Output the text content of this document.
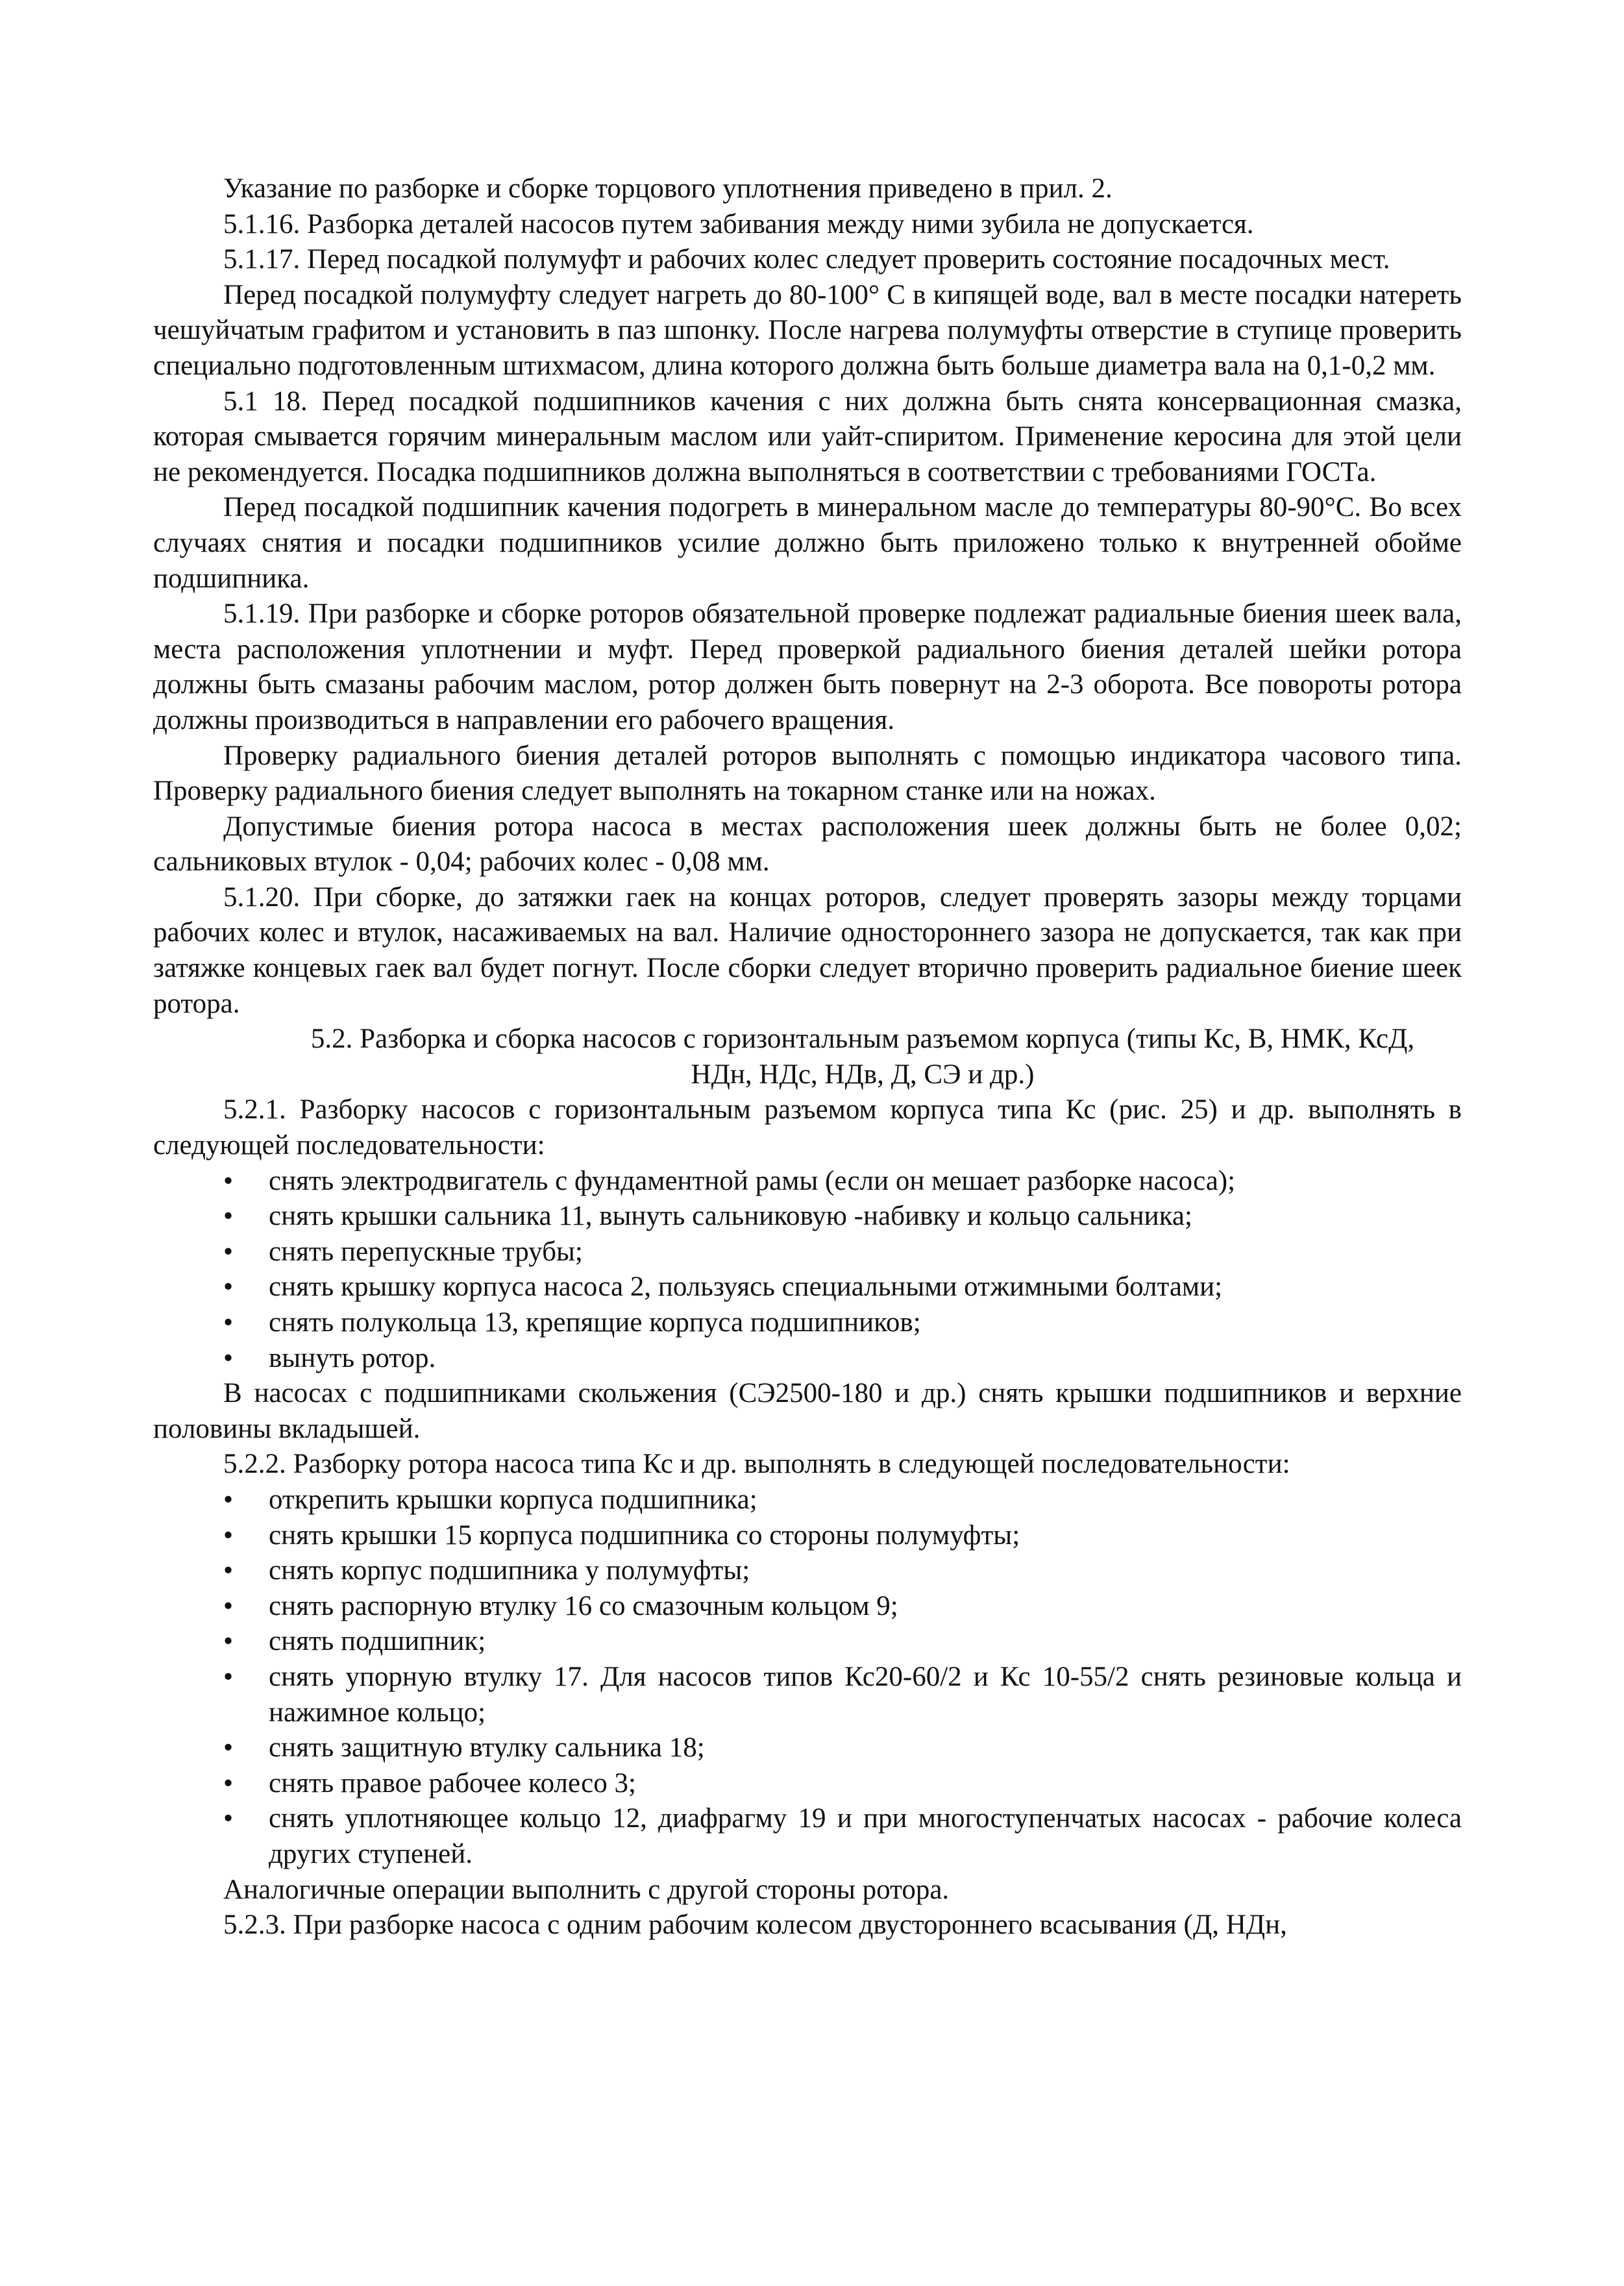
Указание по разборке и сборке торцового уплотнения приведено в прил. 2.

5.1.16. Разборка деталей насосов путем забивания между ними зубила не допускается.

5.1.17. Перед посадкой полумуфт и рабочих колес следует проверить состояние посадочных мест.

Перед посадкой полумуфту следует нагреть до 80-100° С в кипящей воде, вал в месте посадки натереть чешуйчатым графитом и установить в паз шпонку. После нагрева полумуфты отверстие в ступице проверить специально подготовленным штихмасом, длина которого должна быть больше диаметра вала на 0,1-0,2 мм.

5.1 18. Перед посадкой подшипников качения с них должна быть снята консервационная смазка, которая смывается горячим минеральным маслом или уайт-спиритом. Применение керосина для этой цели не рекомендуется. Посадка подшипников должна выполняться в соответствии с требованиями ГОСТа.

Перед посадкой подшипник качения подогреть в минеральном масле до температуры 80-90°С. Во всех случаях снятия и посадки подшипников усилие должно быть приложено только к внутренней обойме подшипника.

5.1.19. При разборке и сборке роторов обязательной проверке подлежат радиальные биения шеек вала, места расположения уплотнении и муфт. Перед проверкой радиального биения деталей шейки ротора должны быть смазаны рабочим маслом, ротор должен быть повернут на 2-3 оборота. Все повороты ротора должны производиться в направлении его рабочего вращения.

Проверку радиального биения деталей роторов выполнять с помощью индикатора часового типа. Проверку радиального биения следует выполнять на токарном станке или на ножах.

Допустимые биения ротора насоса в местах расположения шеек должны быть не более 0,02; сальниковых втулок - 0,04; рабочих колес - 0,08 мм.

5.1.20. При сборке, до затяжки гаек на концах роторов, следует проверять зазоры между торцами рабочих колес и втулок, насаживаемых на вал. Наличие одностороннего зазора не допускается, так как при затяжке концевых гаек вал будет погнут. После сборки следует вторично проверить радиальное биение шеек ротора.

5.2. Разборка и сборка насосов с горизонтальным разъемом корпуса (типы Кс, В, НМК, КсД, НДн, НДс, НДв, Д, СЭ и др.)

5.2.1. Разборку насосов с горизонтальным разъемом корпуса типа Кс (рис. 25) и др. выполнять в следующей последовательности:

• снять электродвигатель с фундаментной рамы (если он мешает разборке насоса);
• снять крышки сальника 11, вынуть сальниковую -набивку и кольцо сальника;
• снять перепускные трубы;
• снять крышку корпуса насоса 2, пользуясь специальными отжимными болтами;
• снять полукольца 13, крепящие корпуса подшипников;
• вынуть ротор.

В насосах с подшипниками скольжения (СЭ2500-180 и др.) снять крышки подшипников и верхние половины вкладышей.

5.2.2. Разборку ротора насоса типа Кс и др. выполнять в следующей последовательности:

• открепить крышки корпуса подшипника;
• снять крышки 15 корпуса подшипника со стороны полумуфты;
• снять корпус подшипника у полумуфты;
• снять распорную втулку 16 со смазочным кольцом 9;
• снять подшипник;
• снять упорную втулку 17. Для насосов типов Кс20-60/2 и Кс 10-55/2 снять резиновые кольца и нажимное кольцо;
• снять защитную втулку сальника 18;
• снять правое рабочее колесо 3;
• снять уплотняющее кольцо 12, диафрагму 19 и при многоступенчатых насосах - рабочие колеса других ступеней.

Аналогичные операции выполнить с другой стороны ротора.

5.2.3. При разборке насоса с одним рабочим колесом двустороннего всасывания (Д, НДн,
